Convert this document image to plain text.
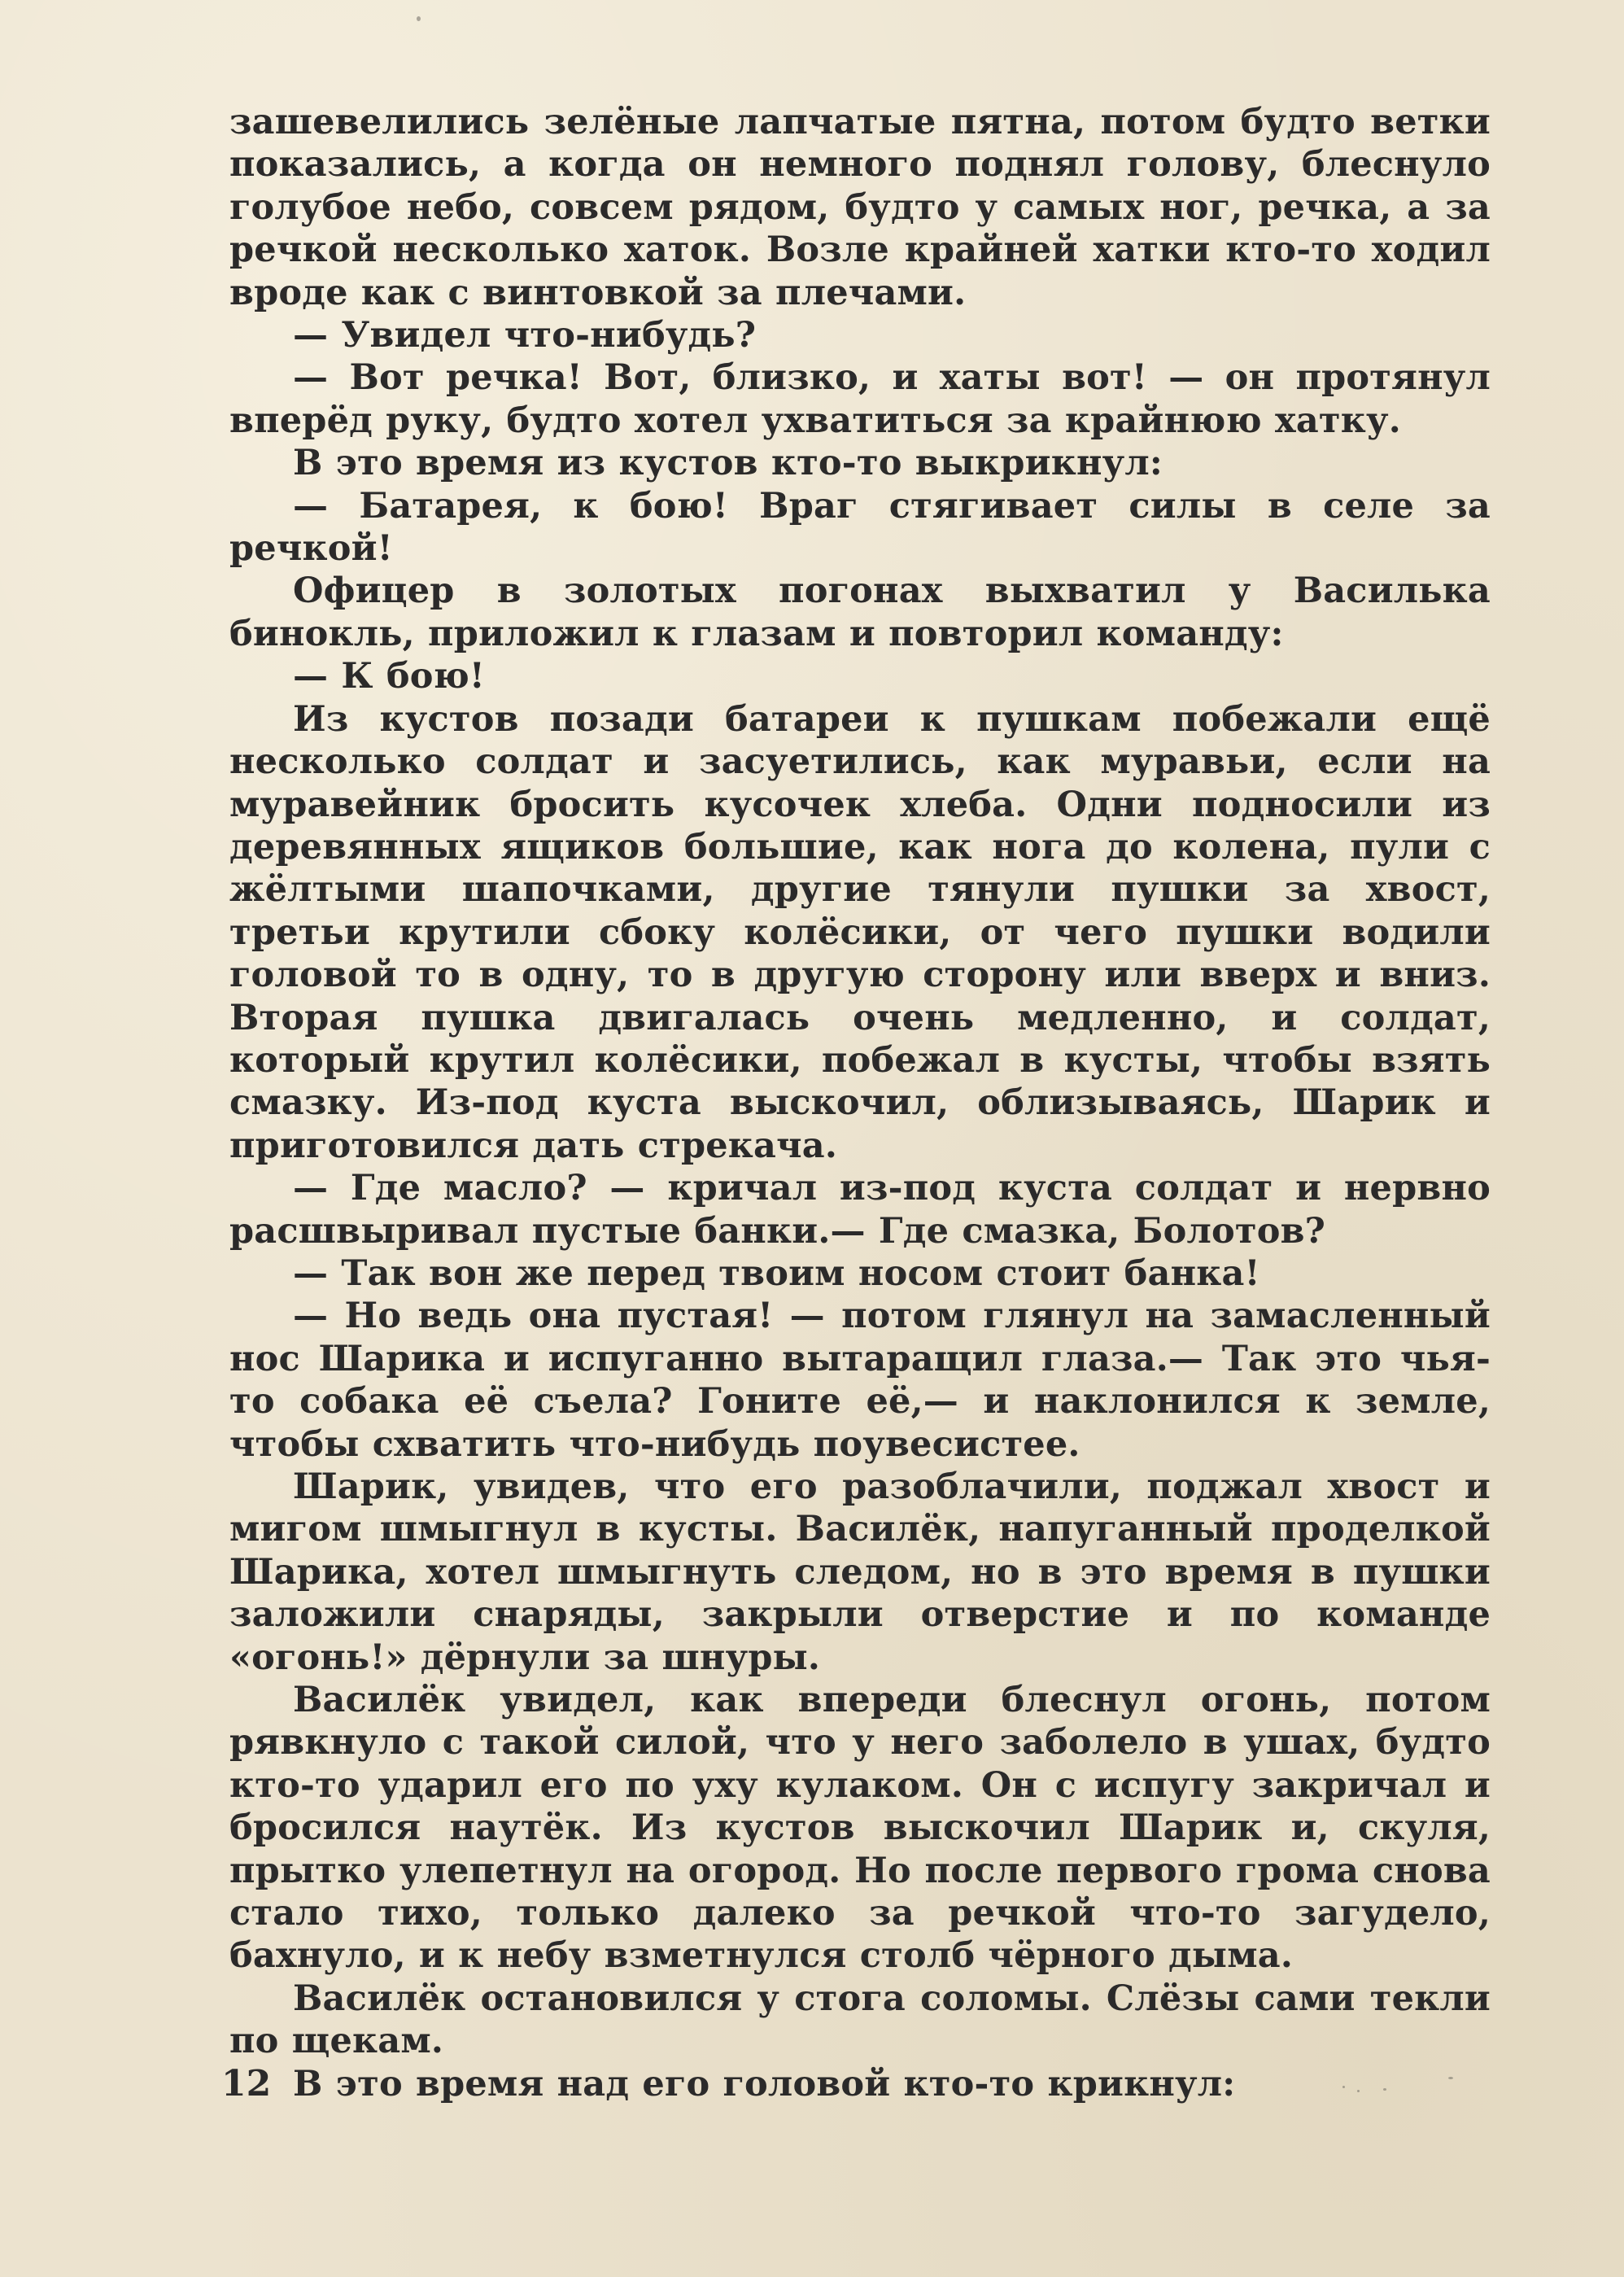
зашевелились зелёные лапчатые пятна, потом будто ветки показались, а когда он немного поднял голову, блеснуло голубое небо, совсем рядом, будто у самых ног, речка, а за речкой несколько хаток. Возле крайней хатки кто-то ходил вроде как с винтовкой за плечами.

— Увидел что-нибудь?

— Вот речка! Вот, близко, и хаты вот! — он протянул вперёд руку, будто хотел ухватиться за крайнюю хатку.

В это время из кустов кто-то выкрикнул:

— Батарея, к бою! Враг стягивает силы в селе за речкой!

Офицер в золотых погонах выхватил у Василька бинокль, приложил к глазам и повторил команду:

— К бою!

Из кустов позади батареи к пушкам побежали ещё несколько солдат и засуетились, как муравьи, если на муравейник бросить кусочек хлеба. Одни подносили из деревянных ящиков большие, как нога до колена, пули с жёлтыми шапочками, другие тянули пушки за хвост, третьи крутили сбоку колёсики, от чего пушки водили головой то в одну, то в другую сторону или вверх и вниз. Вторая пушка двигалась очень медленно, и солдат, который крутил колёсики, побежал в кусты, чтобы взять смазку. Из-под куста выскочил, облизываясь, Шарик и приготовился дать стрекача.

— Где масло? — кричал из-под куста солдат и нервно расшвыривал пустые банки.— Где смазка, Болотов?

— Так вон же перед твоим носом стоит банка!

— Но ведь она пустая! — потом глянул на замасленный нос Шарика и испуганно вытаращил глаза.— Так это чья-то собака её съела? Гоните её,— и наклонился к земле, чтобы схватить что-нибудь поувесистее.

Шарик, увидев, что его разоблачили, поджал хвост и мигом шмыгнул в кусты. Василёк, напуганный проделкой Шарика, хотел шмыгнуть следом, но в это время в пушки заложили снаряды, закрыли отверстие и по команде «огонь!» дёрнули за шнуры.

Василёк увидел, как впереди блеснул огонь, потом рявкнуло с такой силой, что у него заболело в ушах, будто кто-то ударил его по уху кулаком. Он с испугу закричал и бросился наутёк. Из кустов выскочил Шарик и, скуля, прытко улепетнул на огород. Но после первого грома снова стало тихо, только далеко за речкой что-то загудело, бахнуло, и к небу взметнулся столб чёрного дыма.

Василёк остановился у стога соломы. Слёзы сами текли по щекам.

В это время над его головой кто-то крикнул:

12
